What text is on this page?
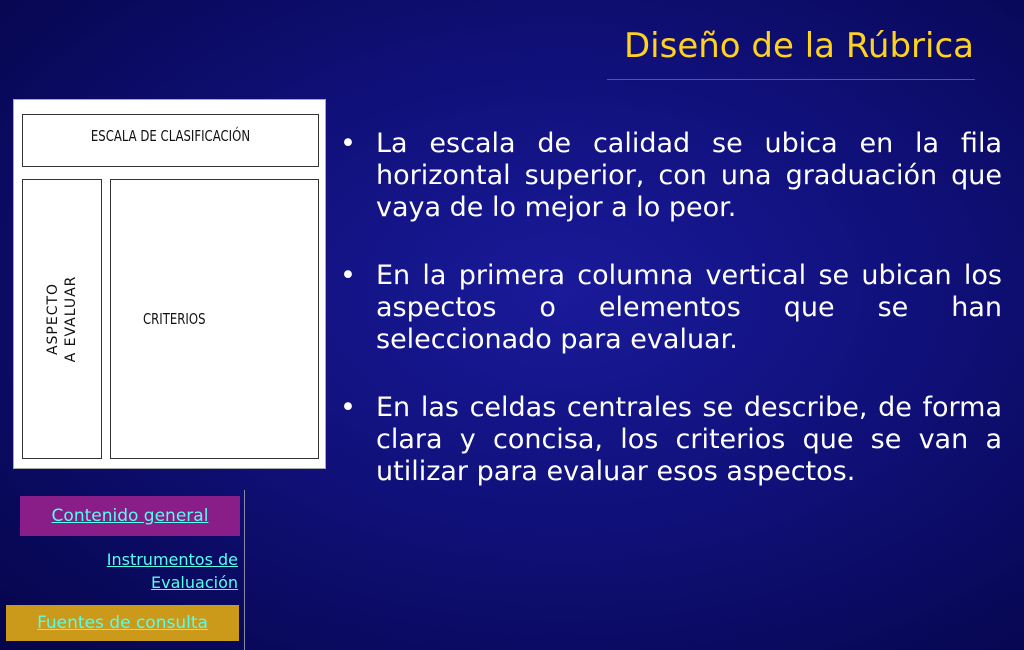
Diseño de la Rúbrica
ESCALA DE CLASIFICACIÓN
ASPECTO A EVALUAR	CRITERIOS
• La escala de calidad se ubica en la fila horizontal superior, con una graduación que vaya de lo mejor a lo peor.
• En la primera columna vertical se ubican los aspectos o elementos que se han seleccionado para evaluar.
• En las celdas centrales se describe, de forma clara y concisa, los criterios que se van a utilizar para evaluar esos aspectos.
Contenido general
Instrumentos de
Evaluación
Fuentes de consulta
